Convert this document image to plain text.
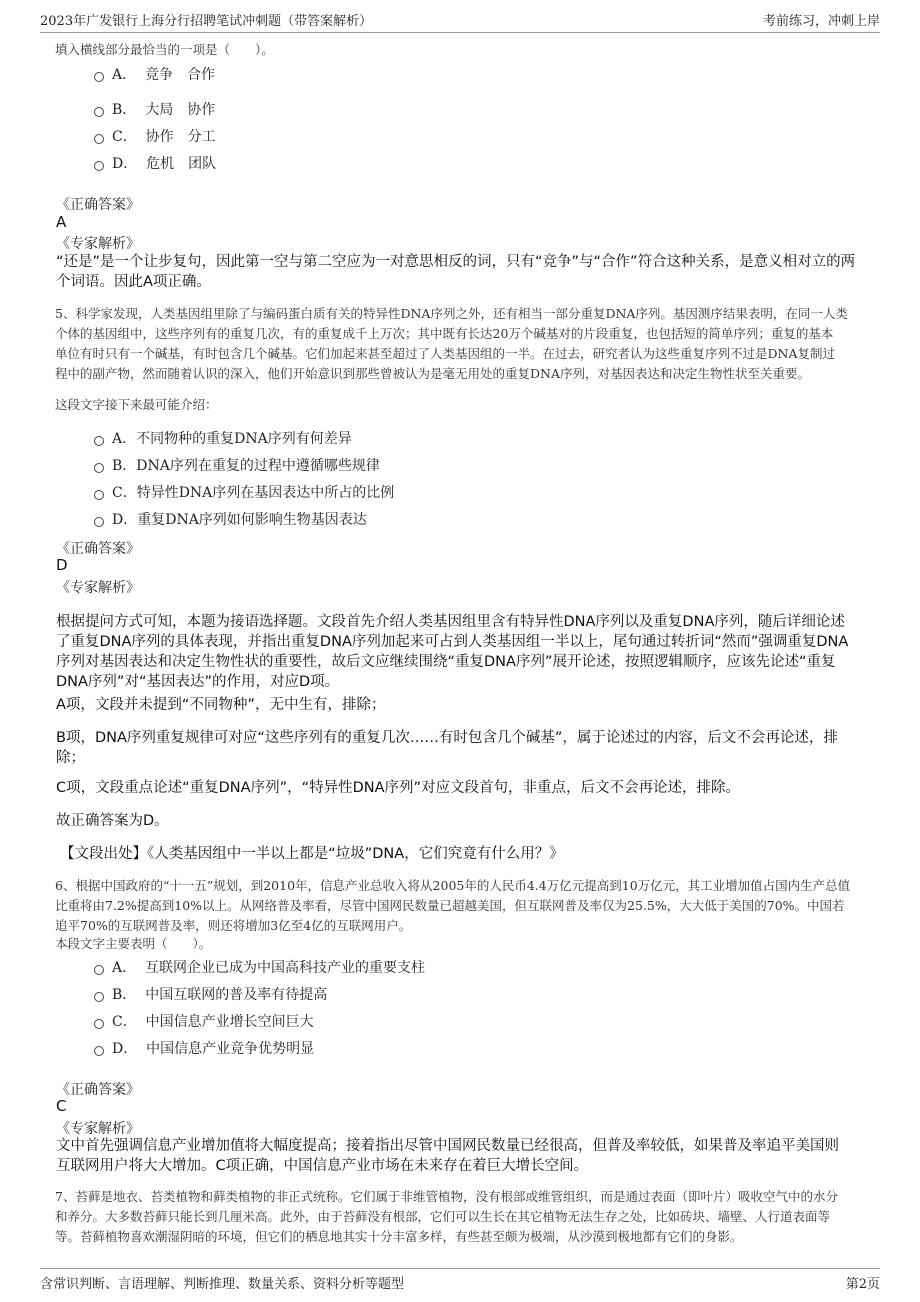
2023年广发银行上海分行招聘笔试冲刺题（带答案解析）	考前练习，冲刺上岸
填入横线部分最恰当的一项是（　　）。
A．  竞争　合作
B．  大局　协作
C．  协作　分工
D．  危机　团队
《正确答案》
A
《专家解析》
“还是”是一个让步复句，因此第一空与第二空应为一对意思相反的词，只有“竞争”与“合作”符合这种关系，是意义相对立的两
个词语。因此A项正确。
5、科学家发现，人类基因组里除了与编码蛋白质有关的特异性DNA序列之外，还有相当一部分重复DNA序列。基因测序结果表明，在同一人类
个体的基因组中，这些序列有的重复几次，有的重复成千上万次；其中既有长达20万个碱基对的片段重复，也包括短的简单序列；重复的基本
单位有时只有一个碱基，有时包含几个碱基。它们加起来甚至超过了人类基因组的一半。在过去，研究者认为这些重复序列不过是DNA复制过
程中的副产物，然而随着认识的深入，他们开始意识到那些曾被认为是毫无用处的重复DNA序列，对基因表达和决定生物性状至关重要。
这段文字接下来最可能介绍：
A．不同物种的重复DNA序列有何差异
B．DNA序列在重复的过程中遵循哪些规律
C．特异性DNA序列在基因表达中所占的比例
D．重复DNA序列如何影响生物基因表达
《正确答案》
D
《专家解析》
根据提问方式可知，本题为接语选择题。文段首先介绍人类基因组里含有特异性DNA序列以及重复DNA序列，随后详细论述
了重复DNA序列的具体表现，并指出重复DNA序列加起来可占到人类基因组一半以上，尾句通过转折词“然而”强调重复DNA
序列对基因表达和决定生物性状的重要性，故后文应继续围绕“重复DNA序列”展开论述，按照逻辑顺序，应该先论述“重复
DNA序列”对“基因表达”的作用，对应D项。
A项，文段并未提到“不同物种”，无中生有，排除；
B项，DNA序列重复规律可对应“这些序列有的重复几次……有时包含几个碱基”，属于论述过的内容，后文不会再论述，排
除；
C项，文段重点论述“重复DNA序列”，“特异性DNA序列”对应文段首句，非重点，后文不会再论述，排除。
故正确答案为D。
【文段出处】《人类基因组中一半以上都是“垃圾”DNA，它们究竟有什么用？》
6、根据中国政府的“十一五”规划，到2010年，信息产业总收入将从2005年的人民币4.4万亿元提高到10万亿元，其工业增加值占国内生产总值
比重将由7.2%提高到10%以上。从网络普及率看，尽管中国网民数量已超越美国，但互联网普及率仅为25.5%，大大低于美国的70%。中国若
追平70%的互联网普及率，则还将增加3亿至4亿的互联网用户。
本段文字主要表明（　　）。
A．  互联网企业已成为中国高科技产业的重要支柱
B．  中国互联网的普及率有待提高
C．  中国信息产业增长空间巨大
D．  中国信息产业竞争优势明显
《正确答案》
C
《专家解析》
文中首先强调信息产业增加值将大幅度提高；接着指出尽管中国网民数量已经很高，但普及率较低，如果普及率追平美国则
互联网用户将大大增加。C项正确，中国信息产业市场在未来存在着巨大增长空间。
7、苔藓是地衣、苔类植物和藓类植物的非正式统称。它们属于非维管植物，没有根部或维管组织，而是通过表面（即叶片）吸收空气中的水分
和养分。大多数苔藓只能长到几厘米高。此外，由于苔藓没有根部，它们可以生长在其它植物无法生存之处，比如砖块、墙壁、人行道表面等
等。苔藓植物喜欢潮湿阴暗的环境，但它们的栖息地其实十分丰富多样，有些甚至颇为极端，从沙漠到极地都有它们的身影。
含常识判断、言语理解、判断推理、数量关系、资料分析等题型	第2页
